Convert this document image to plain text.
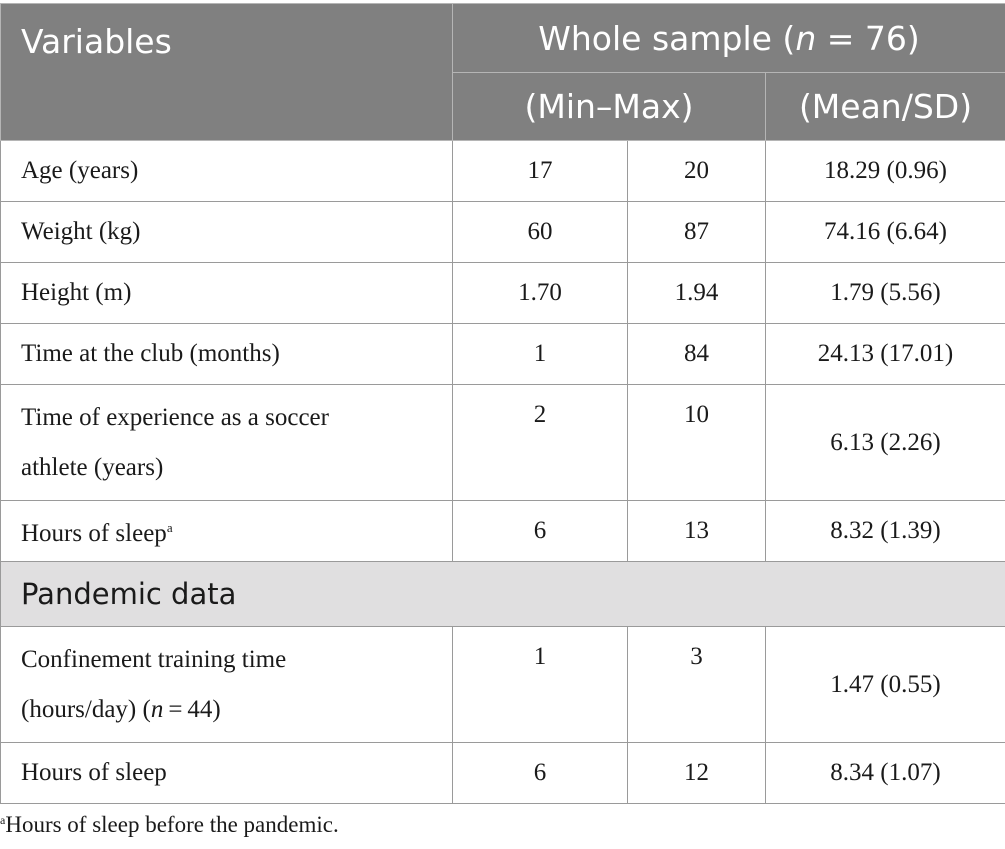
Variables	Whole sample (n = 76)		
	(Min–Max)		(Mean/SD)
Age (years)	17	20	18.29 (0.96)
Weight (kg)	60	87	74.16 (6.64)
Height (m)	1.70	1.94	1.79 (5.56)
Time at the club (months)	1	84	24.13 (17.01)
Time of experience as a soccer
athlete (years)	2	10	6.13 (2.26)
Hours of sleep$^a$	6	13	8.32 (1.39)
Pandemic data			
Confinement training time
(hours/day) (n = 44)	1	3	1.47 (0.55)
Hours of sleep	6	12	8.34 (1.07)
$^a$Hours of sleep before the pandemic.
